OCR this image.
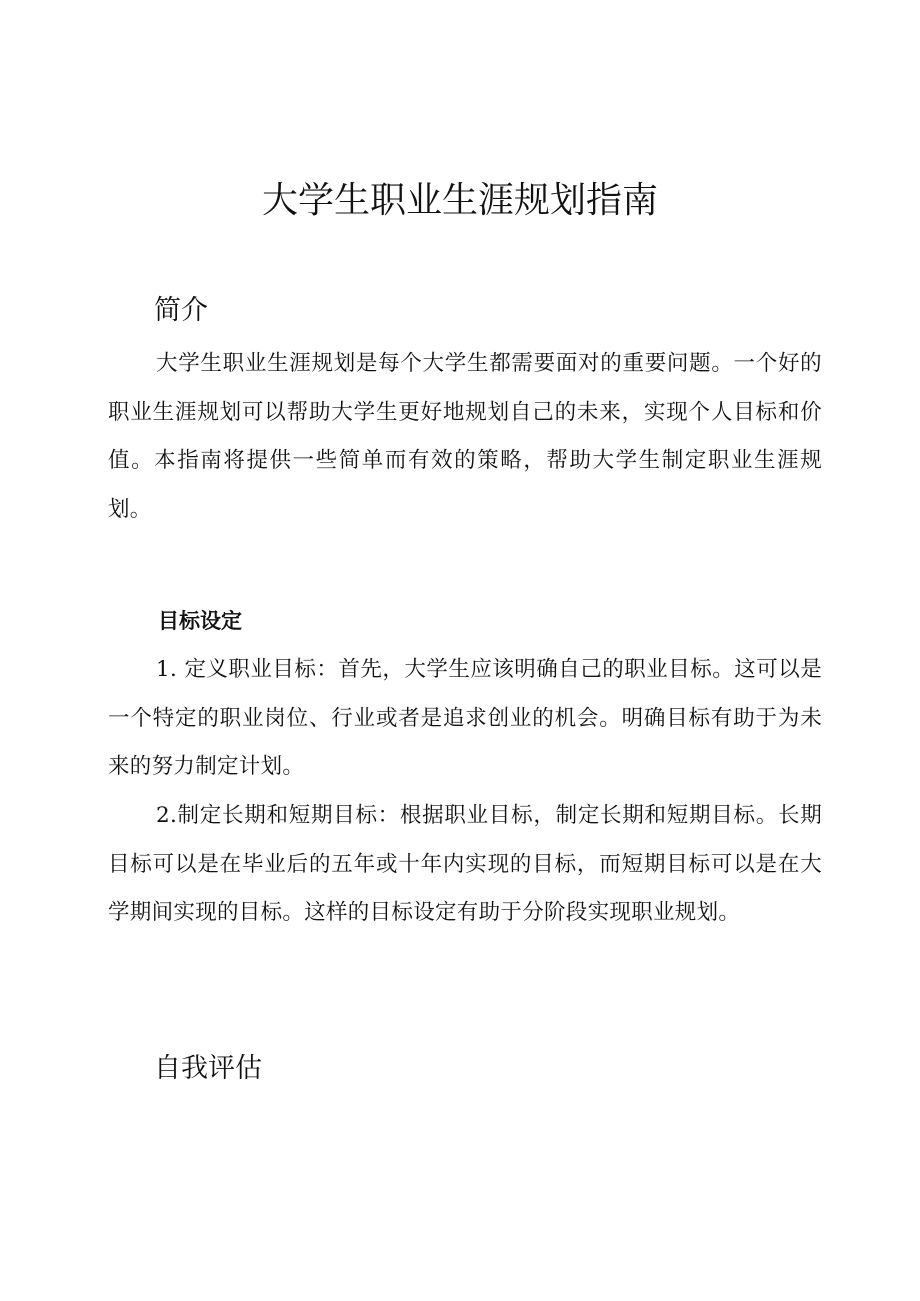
大学生职业生涯规划指南
简介

大学生职业生涯规划是每个大学生都需要面对的重要问题。一个好的职业生涯规划可以帮助大学生更好地规划自己的未来，实现个人目标和价值。本指南将提供一些简单而有效的策略，帮助大学生制定职业生涯规划。

目标设定

1. 定义职业目标：首先，大学生应该明确自己的职业目标。这可以是一个特定的职业岗位、行业或者是追求创业的机会。明确目标有助于为未来的努力制定计划。

2.制定长期和短期目标：根据职业目标，制定长期和短期目标。长期目标可以是在毕业后的五年或十年内实现的目标，而短期目标可以是在大学期间实现的目标。这样的目标设定有助于分阶段实现职业规划。

自我评估
